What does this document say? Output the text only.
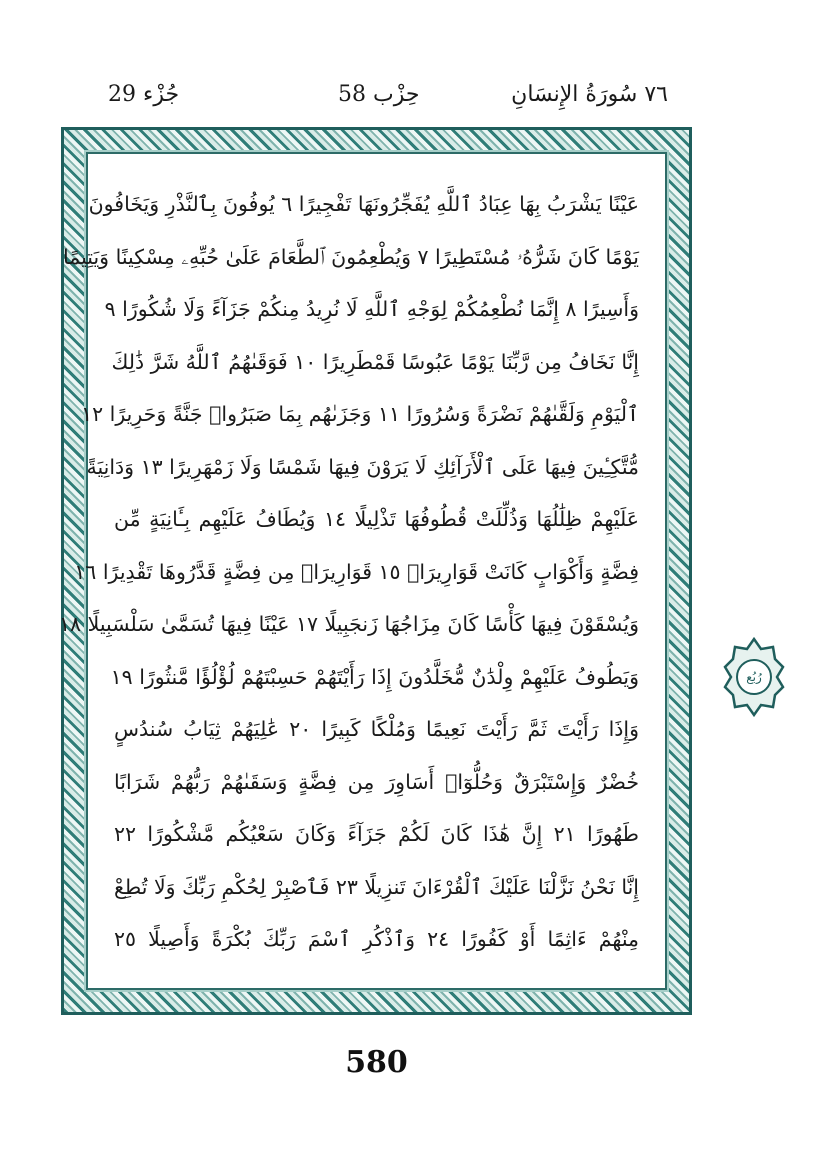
جُزْء 29	حِزْب 58	٧٦ سُورَةُ الإِنسَانِ
عَيْنًا يَشْرَبُ بِهَا عِبَادُ ٱللَّهِ يُفَجِّرُونَهَا تَفْجِيرًا ٦ يُوفُونَ بِٱلنَّذْرِ وَيَخَافُونَ
يَوْمًا كَانَ شَرُّهُۥ مُسْتَطِيرًا ٧ وَيُطْعِمُونَ ٱلطَّعَامَ عَلَىٰ حُبِّهِۦ مِسْكِينًا وَيَتِيمًا
وَأَسِيرًا ٨ إِنَّمَا نُطْعِمُكُمْ لِوَجْهِ ٱللَّهِ لَا نُرِيدُ مِنكُمْ جَزَآءً وَلَا شُكُورًا ٩
إِنَّا نَخَافُ مِن رَّبِّنَا يَوْمًا عَبُوسًا قَمْطَرِيرًا ١٠ فَوَقَىٰهُمُ ٱللَّهُ شَرَّ ذَٰلِكَ
ٱلْيَوْمِ وَلَقَّىٰهُمْ نَضْرَةً وَسُرُورًا ١١ وَجَزَىٰهُم بِمَا صَبَرُوا۟ جَنَّةً وَحَرِيرًا ١٢
مُّتَّكِـِٔينَ فِيهَا عَلَى ٱلْأَرَآئِكِ لَا يَرَوْنَ فِيهَا شَمْسًا وَلَا زَمْهَرِيرًا ١٣ وَدَانِيَةً
عَلَيْهِمْ ظِلَٰلُهَا وَذُلِّلَتْ قُطُوفُهَا تَذْلِيلًا ١٤ وَيُطَافُ عَلَيْهِم بِـَٔانِيَةٍ مِّن
فِضَّةٍ وَأَكْوَابٍ كَانَتْ قَوَارِيرَا۠ ١٥ قَوَارِيرَا۟ مِن فِضَّةٍ قَدَّرُوهَا تَقْدِيرًا ١٦
وَيُسْقَوْنَ فِيهَا كَأْسًا كَانَ مِزَاجُهَا زَنجَبِيلًا ١٧ عَيْنًا فِيهَا تُسَمَّىٰ سَلْسَبِيلًا ١٨
وَيَطُوفُ عَلَيْهِمْ وِلْدَٰنٌ مُّخَلَّدُونَ إِذَا رَأَيْتَهُمْ حَسِبْتَهُمْ لُؤْلُؤًا مَّنثُورًا ١٩
وَإِذَا رَأَيْتَ ثَمَّ رَأَيْتَ نَعِيمًا وَمُلْكًا كَبِيرًا ٢٠ عَٰلِيَهُمْ ثِيَابُ سُندُسٍ
خُضْرٌ وَإِسْتَبْرَقٌ وَحُلُّوٓا۟ أَسَاوِرَ مِن فِضَّةٍ وَسَقَىٰهُمْ رَبُّهُمْ شَرَابًا
طَهُورًا ٢١ إِنَّ هَٰذَا كَانَ لَكُمْ جَزَآءً وَكَانَ سَعْيُكُم مَّشْكُورًا ٢٢
إِنَّا نَحْنُ نَزَّلْنَا عَلَيْكَ ٱلْقُرْءَانَ تَنزِيلًا ٢٣ فَٱصْبِرْ لِحُكْمِ رَبِّكَ وَلَا تُطِعْ
مِنْهُمْ ءَاثِمًا أَوْ كَفُورًا ٢٤ وَٱذْكُرِ ٱسْمَ رَبِّكَ بُكْرَةً وَأَصِيلًا ٢٥
رُبُع
580
